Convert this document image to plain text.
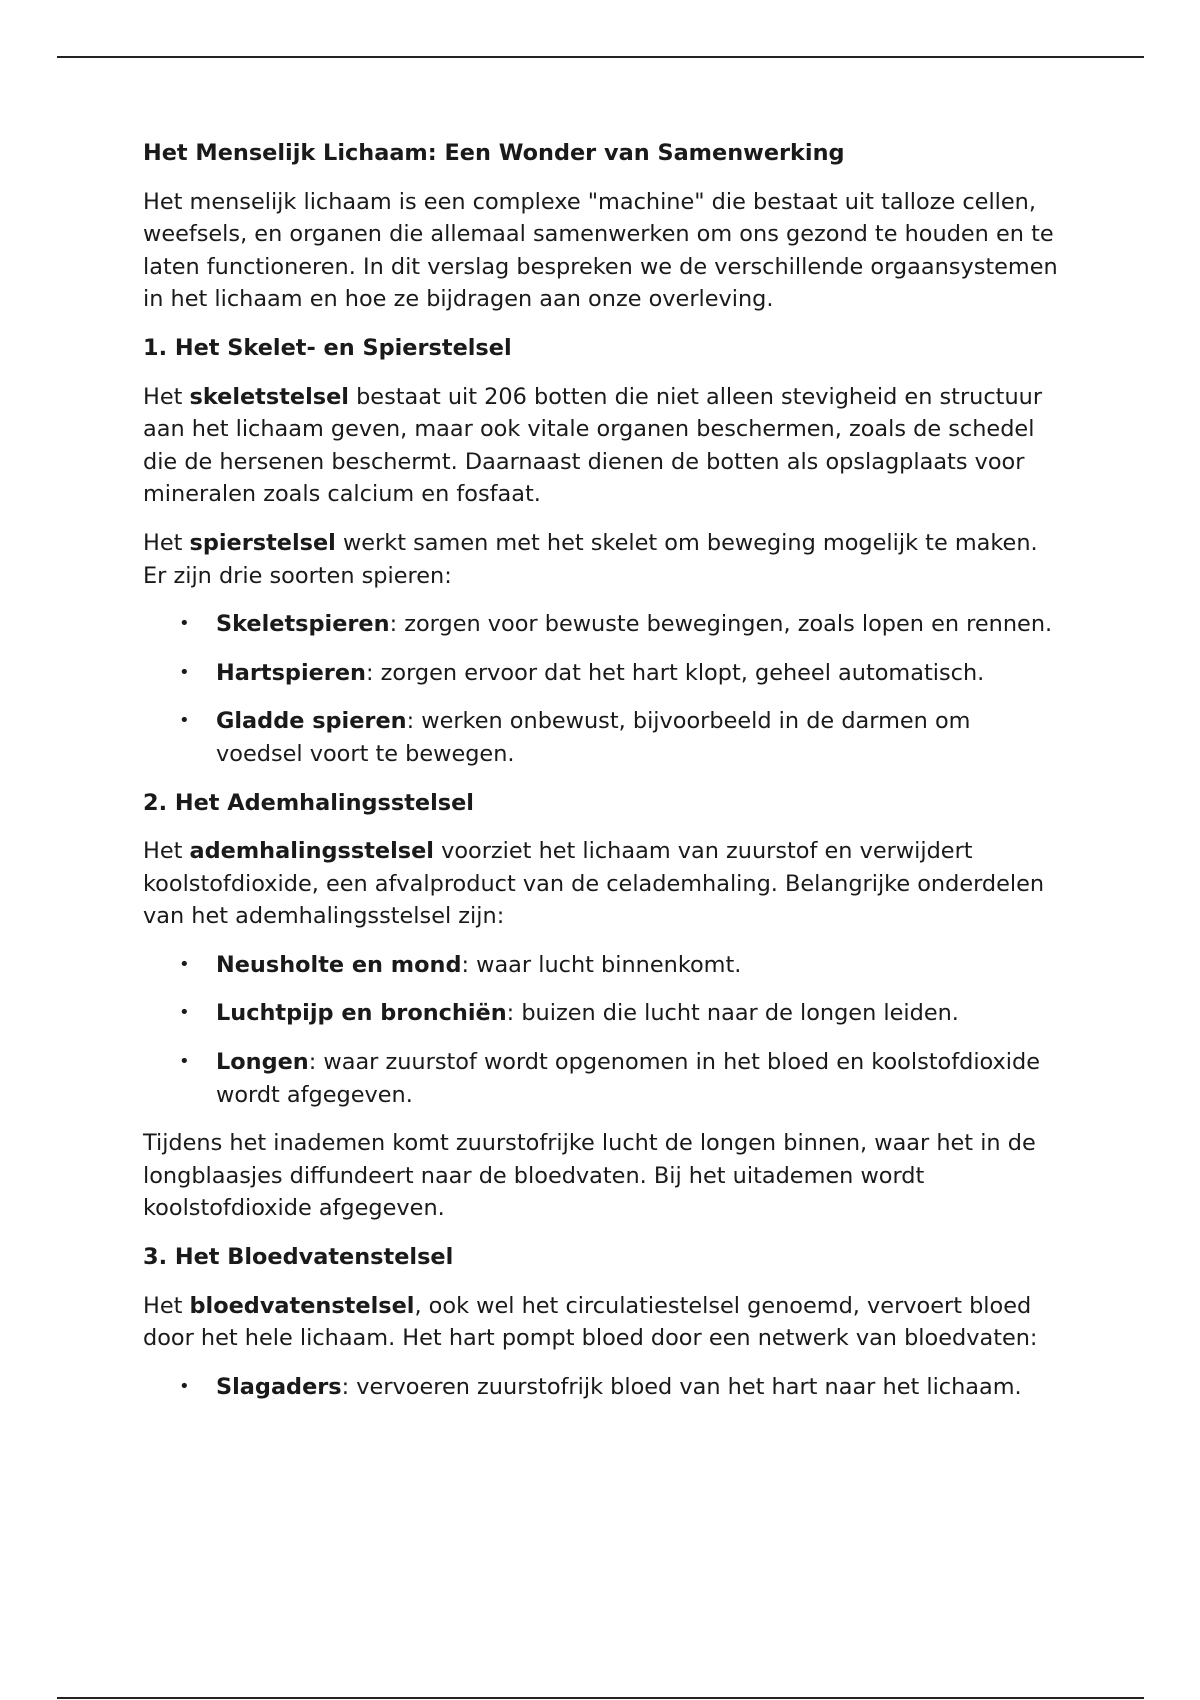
Het Menselijk Lichaam: Een Wonder van Samenwerking

Het menselijk lichaam is een complexe "machine" die bestaat uit talloze cellen, weefsels, en organen die allemaal samenwerken om ons gezond te houden en te laten functioneren. In dit verslag bespreken we de verschillende orgaansystemen in het lichaam en hoe ze bijdragen aan onze overleving.

1. Het Skelet- en Spierstelsel

Het skeletstelsel bestaat uit 206 botten die niet alleen stevigheid en structuur aan het lichaam geven, maar ook vitale organen beschermen, zoals de schedel die de hersenen beschermt. Daarnaast dienen de botten als opslagplaats voor mineralen zoals calcium en fosfaat.

Het spierstelsel werkt samen met het skelet om beweging mogelijk te maken. Er zijn drie soorten spieren:

• Skeletspieren: zorgen voor bewuste bewegingen, zoals lopen en rennen.
• Hartspieren: zorgen ervoor dat het hart klopt, geheel automatisch.
• Gladde spieren: werken onbewust, bijvoorbeeld in de darmen om voedsel voort te bewegen.
2. Het Ademhalingsstelsel

Het ademhalingsstelsel voorziet het lichaam van zuurstof en verwijdert koolstofdioxide, een afvalproduct van de celademhaling. Belangrijke onderdelen van het ademhalingsstelsel zijn:

• Neusholte en mond: waar lucht binnenkomt.
• Luchtpijp en bronchiën: buizen die lucht naar de longen leiden.
• Longen: waar zuurstof wordt opgenomen in het bloed en koolstofdioxide wordt afgegeven.

Tijdens het inademen komt zuurstofrijke lucht de longen binnen, waar het in de longblaasjes diffundeert naar de bloedvaten. Bij het uitademen wordt koolstofdioxide afgegeven.

3. Het Bloedvatenstelsel

Het bloedvatenstelsel, ook wel het circulatiestelsel genoemd, vervoert bloed door het hele lichaam. Het hart pompt bloed door een netwerk van bloedvaten:

• Slagaders: vervoeren zuurstofrijk bloed van het hart naar het lichaam.
